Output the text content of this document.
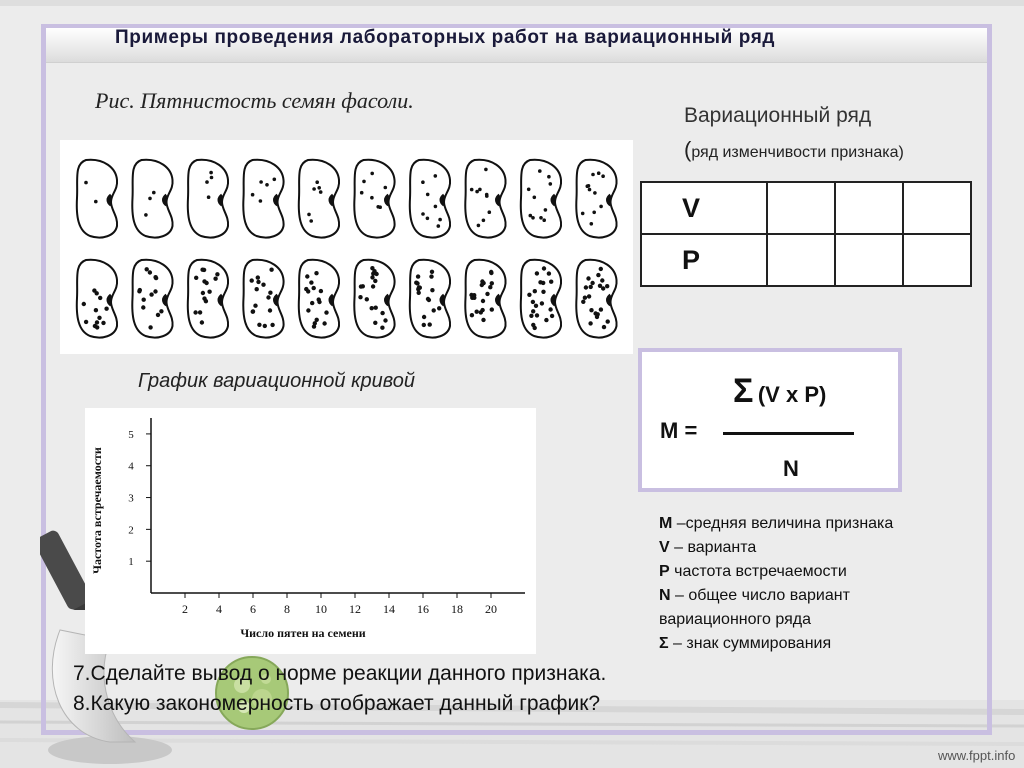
Примеры проведения лабораторных работ на вариационный ряд
Рис. Пятнистость семян фасоли.
Вариационный ряд
(ряд изменчивости признака)
V			
P			
График вариационной кривой
2 4 6 8 10 12 14 16 18 20
1
2
3
4
5
Число пятен на семени
Частота встречаемости
Σ (V x P)
M =
N
M –средняя величина признака
V – варианта
P частота встречаемости
N – общее число вариант
вариационного ряда
Σ – знак суммирования
7.Сделайте вывод о норме реакции данного признака.
8.Какую закономерность отображает данный график?
www.fppt.info
